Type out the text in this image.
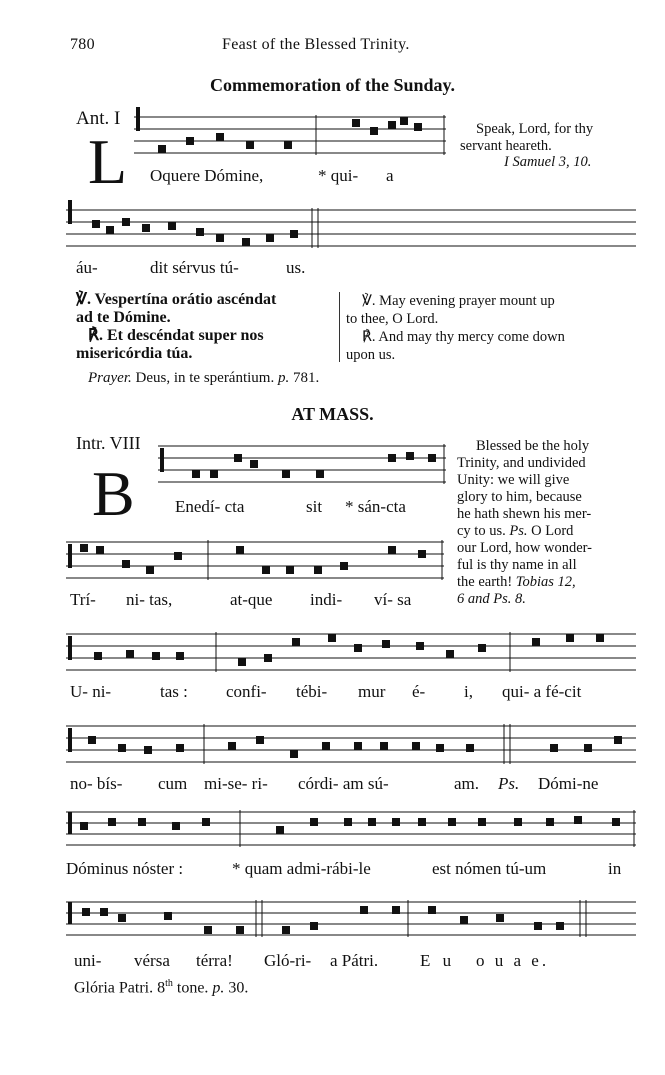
780	Feast of the Blessed Trinity.
Commemoration of the Sunday.
Ant. I
L Oquere Dómine,	* qui- a
Speak, Lord, for thy
servant heareth.
I Samuel 3, 10.
áu-	dit sérvus tú-	us.
℣. Vespertína orátio ascéndat
ad te Dómine.
℟. Et descéndat super nos
misericórdia túa.
℣. May evening prayer mount up
to thee, O Lord.
℟. And may thy mercy come down
upon us.
Prayer. Deus, in te sperántium. p. 781.
AT MASS.
Intr. VIII
B Enedí- cta	sit * sán-cta
Blessed be the holy
Trinity, and undivided
Unity: we will give
glory to him, because
he hath shewn his mer-
cy to us. Ps. O Lord
our Lord, how wonder-
ful is thy name in all
the earth! Tobias 12,
6 and Ps. 8.
Trí- ni- tas,	at-que indi- ví- sa
U- ni-	tas : confi- tébi- mur é- i, qui- a fé-cit
no- bís- cum mi-se- ri- córdi- am sú-	am. Ps. Dómi-ne
Dóminus nóster :	* quam admi-rábi-le	est nómen tú-um	in
uni- vérsa térra! Gló-ri- a Pátri. E u o u a e.
Glória Patri. 8th tone. p. 30.
